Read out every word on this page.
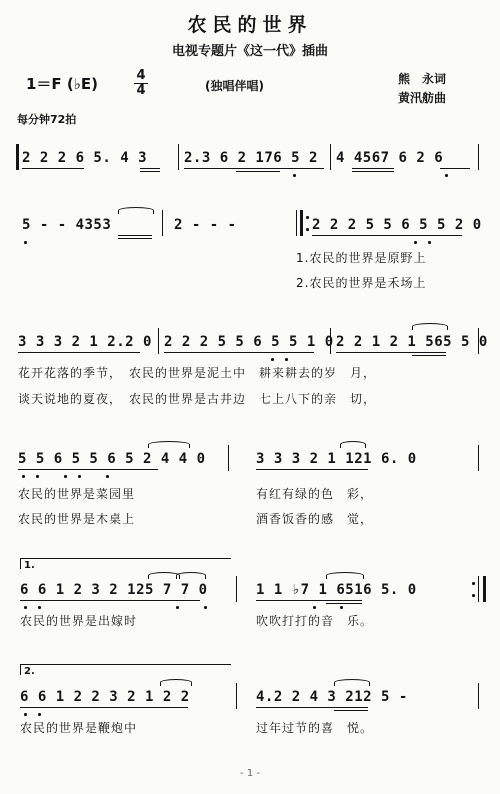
农民的世界
电视专题片《这一代》插曲
1＝F (♭E)	4
4	(独唱伴唱)	熊　永词
黄汛舫曲
每分钟72拍
2 2 2 6 5. 4 3	2.3 6 2 176 5 2 4 4567 6 2 6
5 - - 4353	2 - - -	2 2 2 5 5 6 5 5 2 0
1.农民的世界是原野上
2.农民的世界是禾场上
3 3 3 2 1 2.2 0 2 2 2 5 5 6 5 5 1 0 2 2 1 2 1 565 5 0
花开花落的季节，　农民的世界是泥土中　耕来耕去的岁　月，
谈天说地的夏夜，　农民的世界是古井边　七上八下的亲　切，
5 5 6 5 5 6 5 2 4 4 0	3 3 3 2 1 121 6. 0
农民的世界是菜园里	有红有绿的色　彩，
农民的世界是木桌上	酒香饭香的感　觉，
1.
6 6 1 2 3 2 125 7 7 0	1 1 ♭7 1 6516 5. 0
农民的世界是出嫁时	吹吹打打的音　乐。
2.
6 6 1 2 2 3 2 1 2 2	4.2 2 4 3 212 5 -
农民的世界是鞭炮中	过年过节的喜　悦。
- 1 -
